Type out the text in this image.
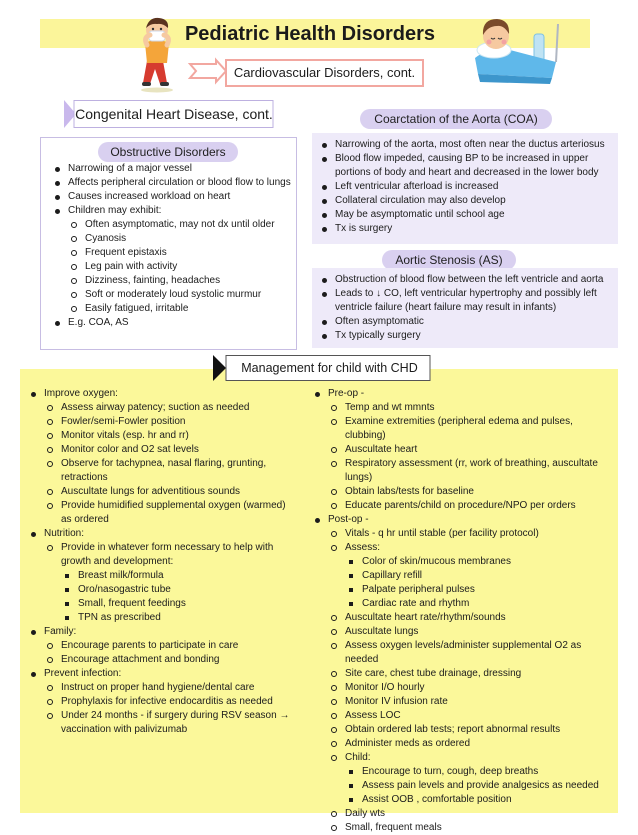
Pediatric Health Disorders
Cardiovascular Disorders, cont.
Congenital Heart Disease, cont.
Obstructive Disorders
Narrowing of a major vessel
Affects peripheral circulation or blood flow to lungs
Causes increased workload on heart
Children may exhibit:
Often asymptomatic, may not dx until older
Cyanosis
Frequent epistaxis
Leg pain with activity
Dizziness, fainting, headaches
Soft or moderately loud systolic murmur
Easily fatigued, irritable
E.g. COA, AS
Coarctation of the Aorta (COA)
Narrowing of the aorta, most often near the ductus arteriosus
Blood flow impeded, causing BP to be increased in upper portions of body and heart and decreased in the lower body
Left ventricular afterload is increased
Collateral circulation may also develop
May be asymptomatic until school age
Tx is surgery
Aortic Stenosis (AS)
Obstruction of blood flow between the left ventricle and aorta
Leads to ↓ CO, left ventricular hypertrophy and possibly left ventricle failure (heart failure may result in infants)
Often asymptomatic
Tx typically surgery
Management for child with CHD
Improve oxygen:
Assess airway patency; suction as needed
Fowler/semi-Fowler position
Monitor vitals (esp. hr and rr)
Monitor color and O2 sat levels
Observe for tachypnea, nasal flaring, grunting, retractions
Auscultate lungs for adventitious sounds
Provide humidified supplemental oxygen (warmed) as ordered
Nutrition:
Provide in whatever form necessary to help with growth and development:
Breast milk/formula
Oro/nasogastric tube
Small, frequent feedings
TPN as prescribed
Family:
Encourage parents to participate in care
Encourage attachment and bonding
Prevent infection:
Instruct on proper hand hygiene/dental care
Prophylaxis for infective endocarditis as needed
Under 24 months - if surgery during RSV season → vaccination with palivizumab
Pre-op -
Temp and wt mmnts
Examine extremities (peripheral edema and pulses, clubbing)
Auscultate heart
Respiratory assessment (rr, work of breathing, auscultate lungs)
Obtain labs/tests for baseline
Educate parents/child on procedure/NPO per orders
Post-op -
Vitals - q hr until stable (per facility protocol)
Assess:
Color of skin/mucous membranes
Capillary refill
Palpate peripheral pulses
Cardiac rate and rhythm
Auscultate heart rate/rhythm/sounds
Auscultate lungs
Assess oxygen levels/administer supplemental O2 as needed
Site care, chest tube drainage, dressing
Monitor I/O hourly
Monitor IV infusion rate
Assess LOC
Obtain ordered lab tests; report abnormal results
Administer meds as ordered
Child:
Encourage to turn, cough, deep breaths
Assess pain levels and provide analgesics as needed
Assist OOB , comfortable position
Daily wts
Small, frequent meals
